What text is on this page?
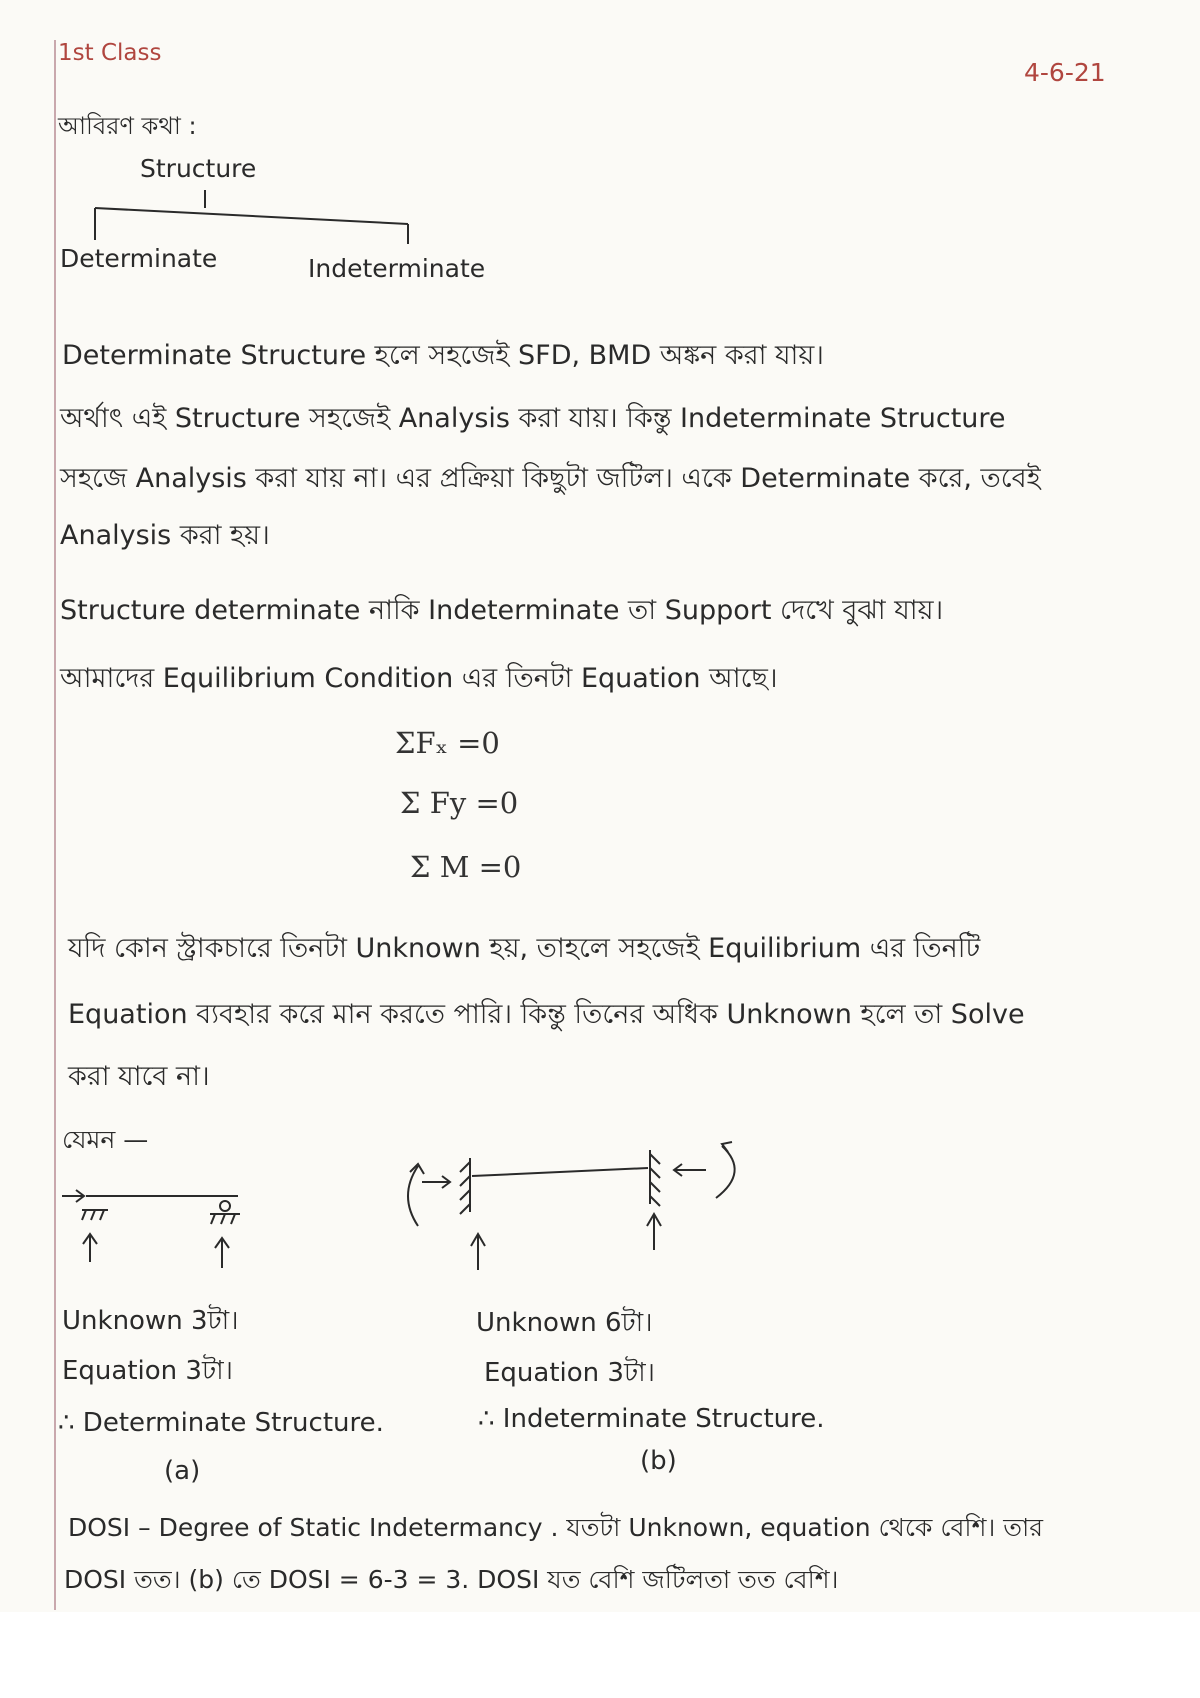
1st Class
4-6-21
আবিরণ কথা :
Structure
Determinate	Indeterminate
Determinate Structure হলে সহজেই SFD, BMD অঙ্কন করা যায়।
অর্থাৎ এই Structure সহজেই Analysis করা যায়। কিন্তু Indeterminate Structure
সহজে Analysis করা যায় না। এর প্রক্রিয়া কিছুটা জটিল। একে Determinate করে, তবেই
Analysis করা হয়।
Structure determinate নাকি Indeterminate তা Support দেখে বুঝা যায়।
আমাদের Equilibrium Condition এর তিনটা Equation আছে।
ΣFₓ =0
Σ Fy =0
Σ M =0
যদি কোন স্ট্রাকচারে তিনটা Unknown হয়, তাহলে সহজেই Equilibrium এর তিনটি
Equation ব্যবহার করে মান করতে পারি। কিন্তু তিনের অধিক Unknown হলে তা Solve
করা যাবে না।
যেমন —
Unknown 3টা।
Equation 3টা।
∴ Determinate Structure.
(a)
Unknown 6টা।
Equation 3টা।
∴ Indeterminate Structure.
(b)
DOSI – Degree of Static Indetermancy . যতটা Unknown, equation থেকে বেশি। তার
DOSI তত। (b) তে DOSI = 6-3 = 3. DOSI যত বেশি জটিলতা তত বেশি।
